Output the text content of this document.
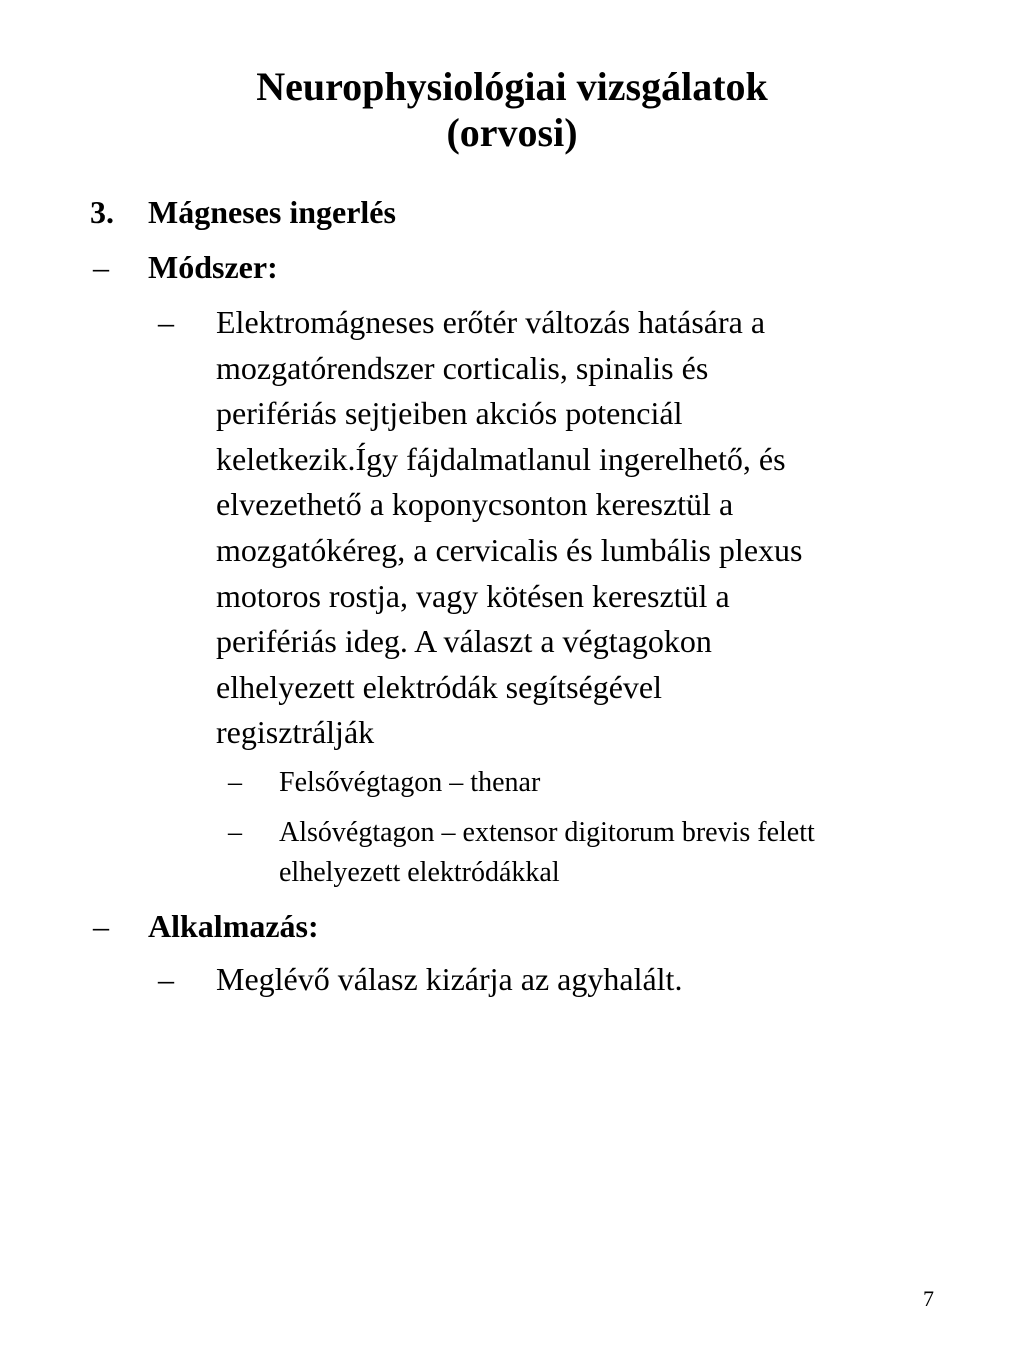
Neurophysiológiai vizsgálatok
(orvosi)
3. Mágneses ingerlés
– Módszer:
– Elektromágneses erőtér változás hatására a
mozgatórendszer corticalis, spinalis és
perifériás sejtjeiben akciós potenciál
keletkezik.Így fájdalmatlanul ingerelhető, és
elvezethető a koponycsonton keresztül a
mozgatókéreg, a cervicalis és lumbális plexus
motoros rostja, vagy kötésen keresztül a
perifériás ideg. A választ a végtagokon
elhelyezett elektródák segítségével
regisztrálják
– Felsővégtagon – thenar
– Alsóvégtagon – extensor digitorum brevis felett
elhelyezett elektródákkal
– Alkalmazás:
– Meglévő válasz kizárja az agyhalált.
7
